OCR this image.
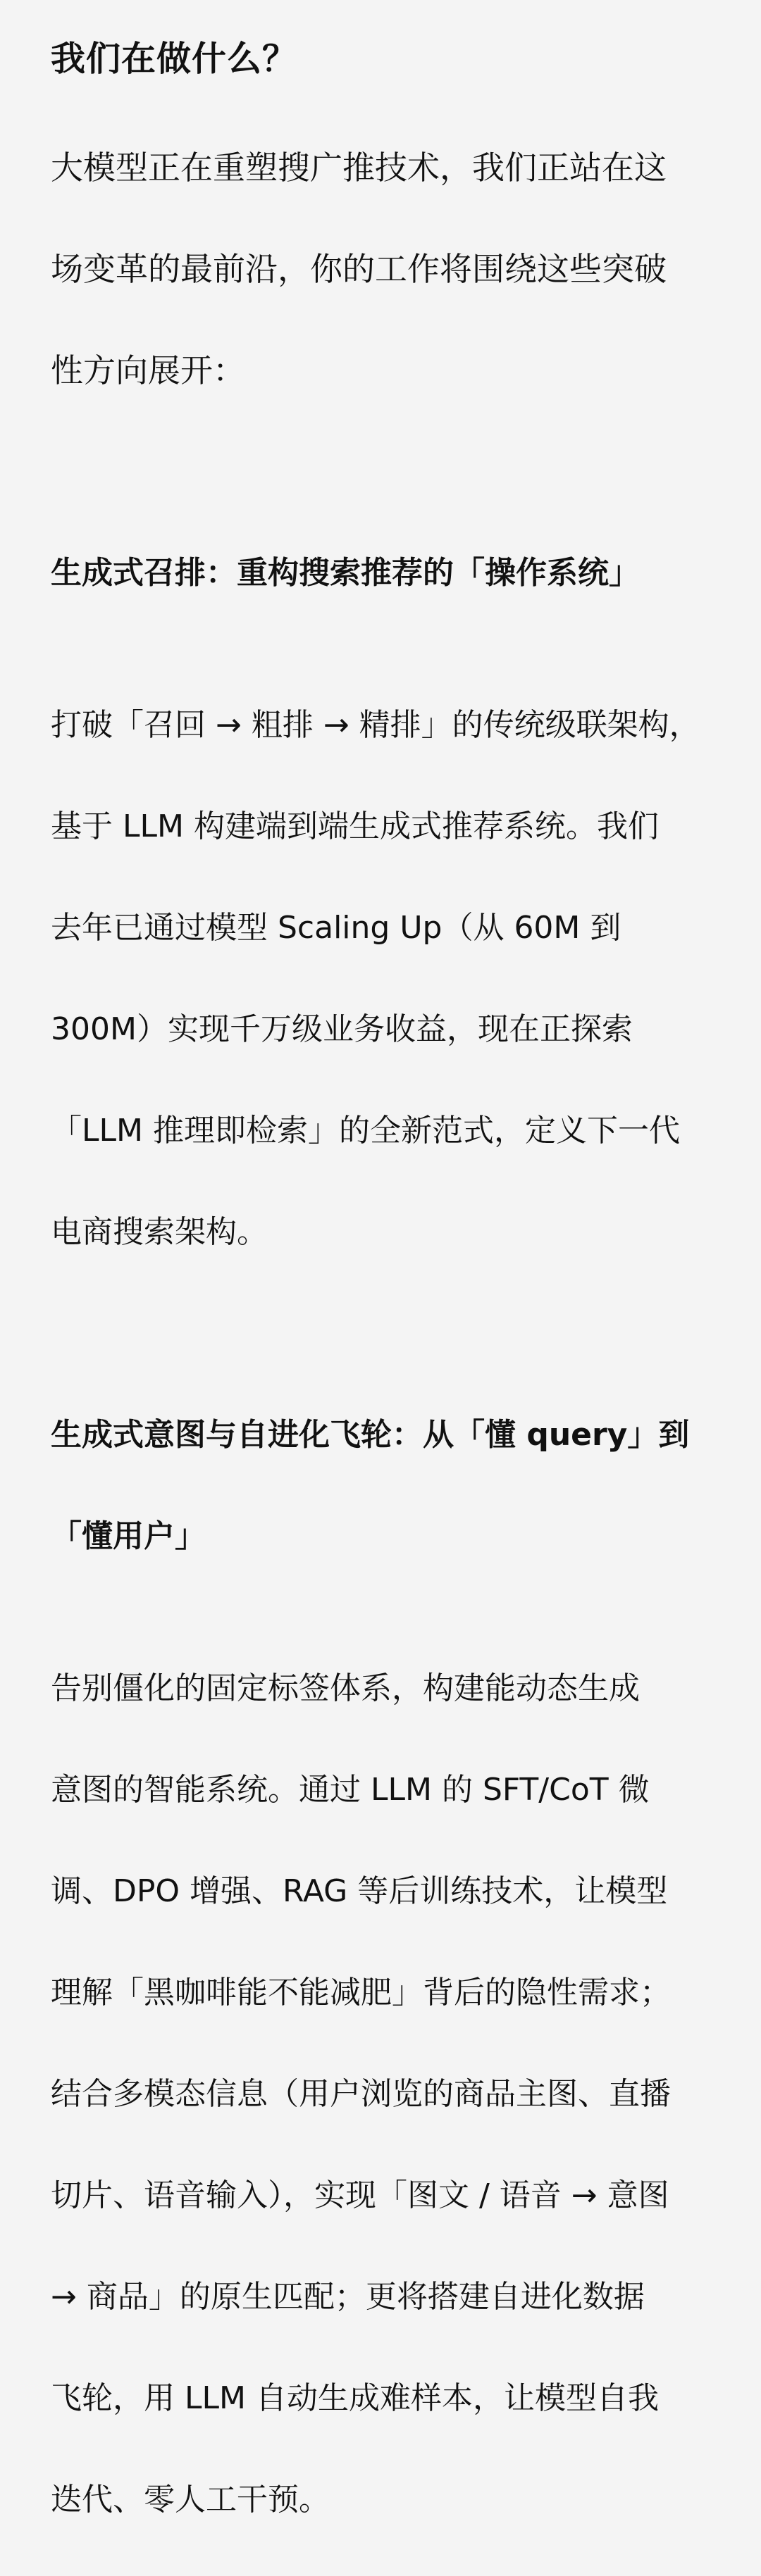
我们在做什么？

大模型正在重塑搜广推技术，我们正站在这

场变革的最前沿，你的工作将围绕这些突破

性方向展开：

生成式召排：重构搜索推荐的「操作系统」

打破「召回 → 粗排 → 精排」的传统级联架构，

基于 LLM 构建端到端生成式推荐系统。我们

去年已通过模型 Scaling Up（从 60M 到

300M）实现千万级业务收益，现在正探索

「LLM 推理即检索」的全新范式，定义下一代

电商搜索架构。

生成式意图与自进化飞轮：从「懂 query」到

「懂用户」

告别僵化的固定标签体系，构建能动态生成

意图的智能系统。通过 LLM 的 SFT/CoT 微

调、DPO 增强、RAG 等后训练技术，让模型

理解「黑咖啡能不能减肥」背后的隐性需求；

结合多模态信息（用户浏览的商品主图、直播

切片、语音输入），实现「图文 / 语音 → 意图

→ 商品」的原生匹配；更将搭建自进化数据

飞轮，用 LLM 自动生成难样本，让模型自我

迭代、零人工干预。
